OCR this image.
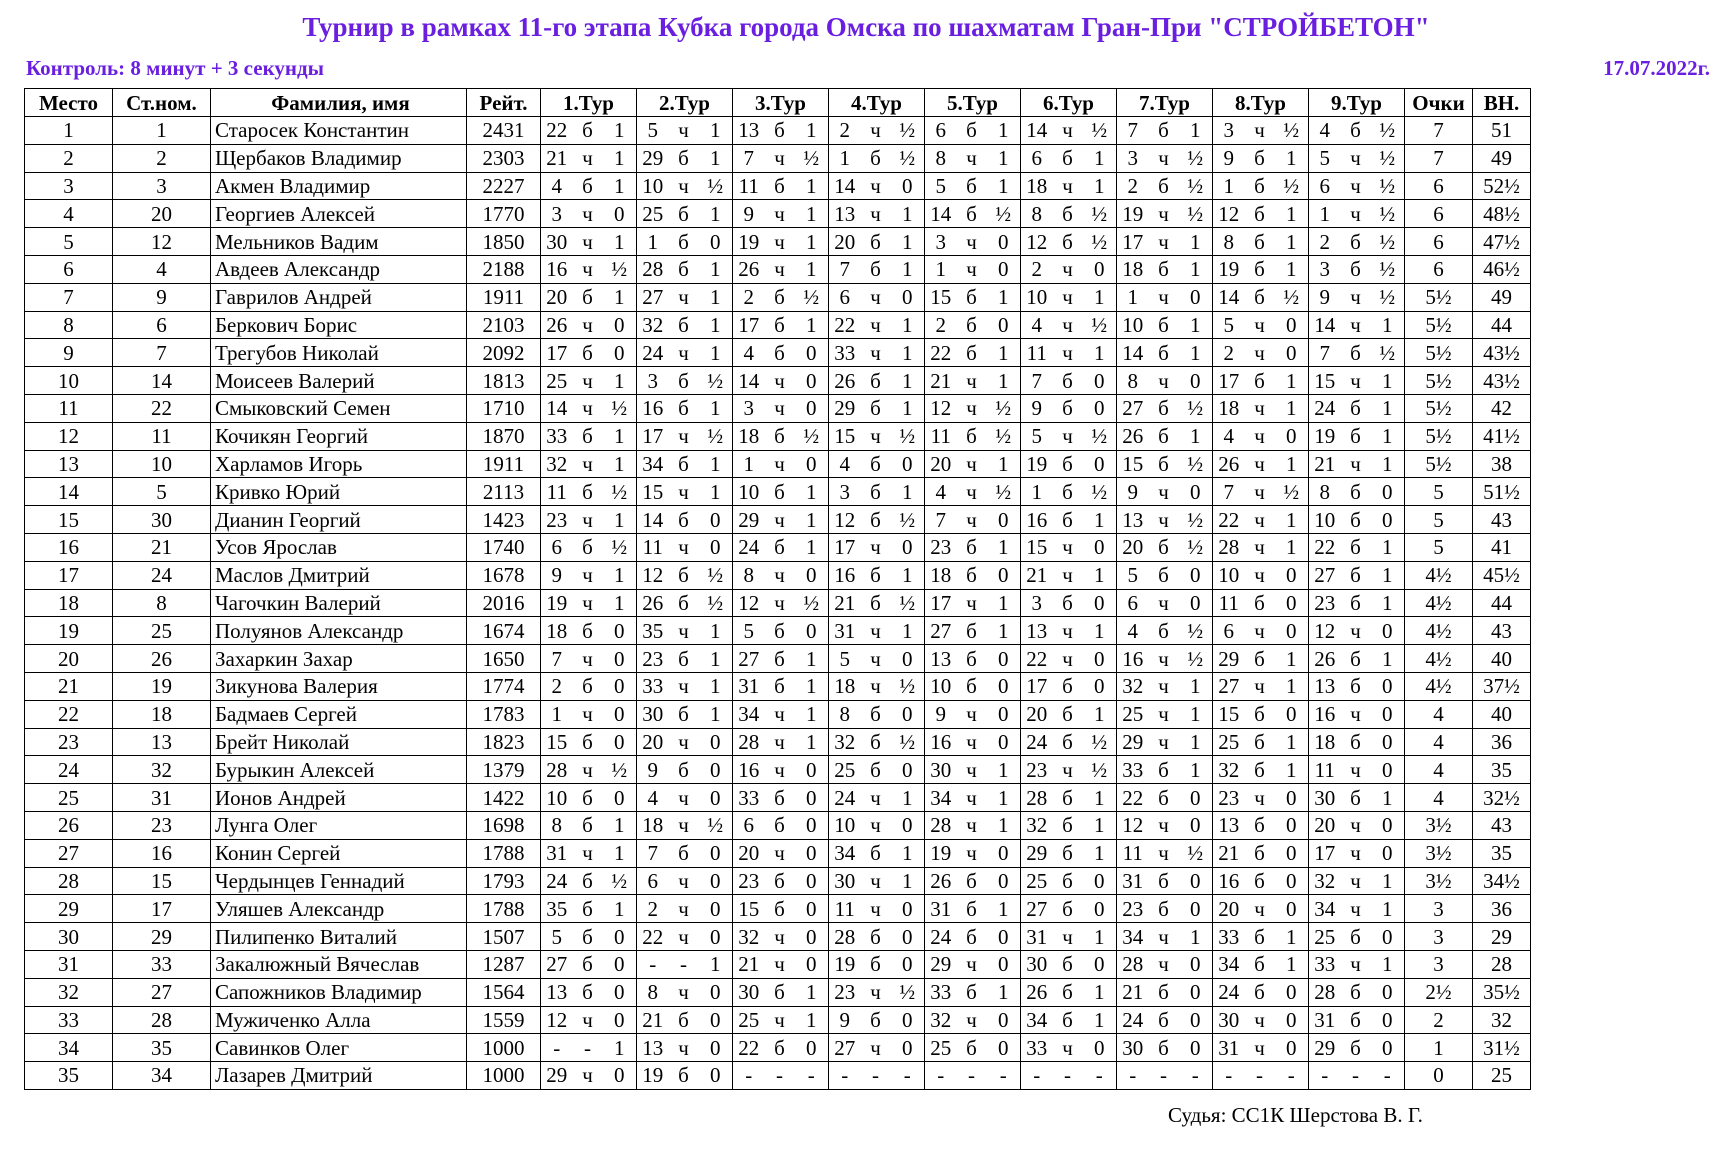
Турнир в рамках 11-го этапа Кубка города Омска по шахматам Гран-При "СТРОЙБЕТОН"
Контроль: 8 минут + 3 секунды	17.07.2022г.
Место	Ст.ном.	Фамилия, имя	Рейт.	1.Тур			2.Тур			3.Тур			4.Тур			5.Тур			6.Тур			7.Тур			8.Тур			9.Тур			Очки	ВН.
1	1	Старосек Константин	2431	22	б	1	5	ч	1	13	б	1	2	ч	½	6	б	1	14	ч	½	7	б	1	3	ч	½	4	б	½	7	51
2	2	Щербаков Владимир	2303	21	ч	1	29	б	1	7	ч	½	1	б	½	8	ч	1	6	б	1	3	ч	½	9	б	1	5	ч	½	7	49
3	3	Акмен Владимир	2227	4	б	1	10	ч	½	11	б	1	14	ч	0	5	б	1	18	ч	1	2	б	½	1	б	½	6	ч	½	6	52½
4	20	Георгиев Алексей	1770	3	ч	0	25	б	1	9	ч	1	13	ч	1	14	б	½	8	б	½	19	ч	½	12	б	1	1	ч	½	6	48½
5	12	Мельников Вадим	1850	30	ч	1	1	б	0	19	ч	1	20	б	1	3	ч	0	12	б	½	17	ч	1	8	б	1	2	б	½	6	47½
6	4	Авдеев Александр	2188	16	ч	½	28	б	1	26	ч	1	7	б	1	1	ч	0	2	ч	0	18	б	1	19	б	1	3	б	½	6	46½
7	9	Гаврилов Андрей	1911	20	б	1	27	ч	1	2	б	½	6	ч	0	15	б	1	10	ч	1	1	ч	0	14	б	½	9	ч	½	5½	49
8	6	Беркович Борис	2103	26	ч	0	32	б	1	17	б	1	22	ч	1	2	б	0	4	ч	½	10	б	1	5	ч	0	14	ч	1	5½	44
9	7	Трегубов Николай	2092	17	б	0	24	ч	1	4	б	0	33	ч	1	22	б	1	11	ч	1	14	б	1	2	ч	0	7	б	½	5½	43½
10	14	Моисеев Валерий	1813	25	ч	1	3	б	½	14	ч	0	26	б	1	21	ч	1	7	б	0	8	ч	0	17	б	1	15	ч	1	5½	43½
11	22	Смыковский Семен	1710	14	ч	½	16	б	1	3	ч	0	29	б	1	12	ч	½	9	б	0	27	б	½	18	ч	1	24	б	1	5½	42
12	11	Кочикян Георгий	1870	33	б	1	17	ч	½	18	б	½	15	ч	½	11	б	½	5	ч	½	26	б	1	4	ч	0	19	б	1	5½	41½
13	10	Харламов Игорь	1911	32	ч	1	34	б	1	1	ч	0	4	б	0	20	ч	1	19	б	0	15	б	½	26	ч	1	21	ч	1	5½	38
14	5	Кривко Юрий	2113	11	б	½	15	ч	1	10	б	1	3	б	1	4	ч	½	1	б	½	9	ч	0	7	ч	½	8	б	0	5	51½
15	30	Дианин Георгий	1423	23	ч	1	14	б	0	29	ч	1	12	б	½	7	ч	0	16	б	1	13	ч	½	22	ч	1	10	б	0	5	43
16	21	Усов Ярослав	1740	6	б	½	11	ч	0	24	б	1	17	ч	0	23	б	1	15	ч	0	20	б	½	28	ч	1	22	б	1	5	41
17	24	Маслов Дмитрий	1678	9	ч	1	12	б	½	8	ч	0	16	б	1	18	б	0	21	ч	1	5	б	0	10	ч	0	27	б	1	4½	45½
18	8	Чагочкин Валерий	2016	19	ч	1	26	б	½	12	ч	½	21	б	½	17	ч	1	3	б	0	6	ч	0	11	б	0	23	б	1	4½	44
19	25	Полуянов Александр	1674	18	б	0	35	ч	1	5	б	0	31	ч	1	27	б	1	13	ч	1	4	б	½	6	ч	0	12	ч	0	4½	43
20	26	Захаркин Захар	1650	7	ч	0	23	б	1	27	б	1	5	ч	0	13	б	0	22	ч	0	16	ч	½	29	б	1	26	б	1	4½	40
21	19	Зикунова Валерия	1774	2	б	0	33	ч	1	31	б	1	18	ч	½	10	б	0	17	б	0	32	ч	1	27	ч	1	13	б	0	4½	37½
22	18	Бадмаев Сергей	1783	1	ч	0	30	б	1	34	ч	1	8	б	0	9	ч	0	20	б	1	25	ч	1	15	б	0	16	ч	0	4	40
23	13	Брейт Николай	1823	15	б	0	20	ч	0	28	ч	1	32	б	½	16	ч	0	24	б	½	29	ч	1	25	б	1	18	б	0	4	36
24	32	Бурыкин Алексей	1379	28	ч	½	9	б	0	16	ч	0	25	б	0	30	ч	1	23	ч	½	33	б	1	32	б	1	11	ч	0	4	35
25	31	Ионов Андрей	1422	10	б	0	4	ч	0	33	б	0	24	ч	1	34	ч	1	28	б	1	22	б	0	23	ч	0	30	б	1	4	32½
26	23	Лунга Олег	1698	8	б	1	18	ч	½	6	б	0	10	ч	0	28	ч	1	32	б	1	12	ч	0	13	б	0	20	ч	0	3½	43
27	16	Конин Сергей	1788	31	ч	1	7	б	0	20	ч	0	34	б	1	19	ч	0	29	б	1	11	ч	½	21	б	0	17	ч	0	3½	35
28	15	Чердынцев Геннадий	1793	24	б	½	6	ч	0	23	б	0	30	ч	1	26	б	0	25	б	0	31	б	0	16	б	0	32	ч	1	3½	34½
29	17	Уляшев Александр	1788	35	б	1	2	ч	0	15	б	0	11	ч	0	31	б	1	27	б	0	23	б	0	20	ч	0	34	ч	1	3	36
30	29	Пилипенко Виталий	1507	5	б	0	22	ч	0	32	ч	0	28	б	0	24	б	0	31	ч	1	34	ч	1	33	б	1	25	б	0	3	29
31	33	Закалюжный Вячеслав	1287	27	б	0	-	-	1	21	ч	0	19	б	0	29	ч	0	30	б	0	28	ч	0	34	б	1	33	ч	1	3	28
32	27	Сапожников Владимир	1564	13	б	0	8	ч	0	30	б	1	23	ч	½	33	б	1	26	б	1	21	б	0	24	б	0	28	б	0	2½	35½
33	28	Мужиченко Алла	1559	12	ч	0	21	б	0	25	ч	1	9	б	0	32	ч	0	34	б	1	24	б	0	30	ч	0	31	б	0	2	32
34	35	Савинков Олег	1000	-	-	1	13	ч	0	22	б	0	27	ч	0	25	б	0	33	ч	0	30	б	0	31	ч	0	29	б	0	1	31½
35	34	Лазарев Дмитрий	1000	29	ч	0	19	б	0	-	-	-	-	-	-	-	-	-	-	-	-	-	-	-	-	-	-	-	-	-	0	25
Судья: СС1К Шерстова В. Г.
